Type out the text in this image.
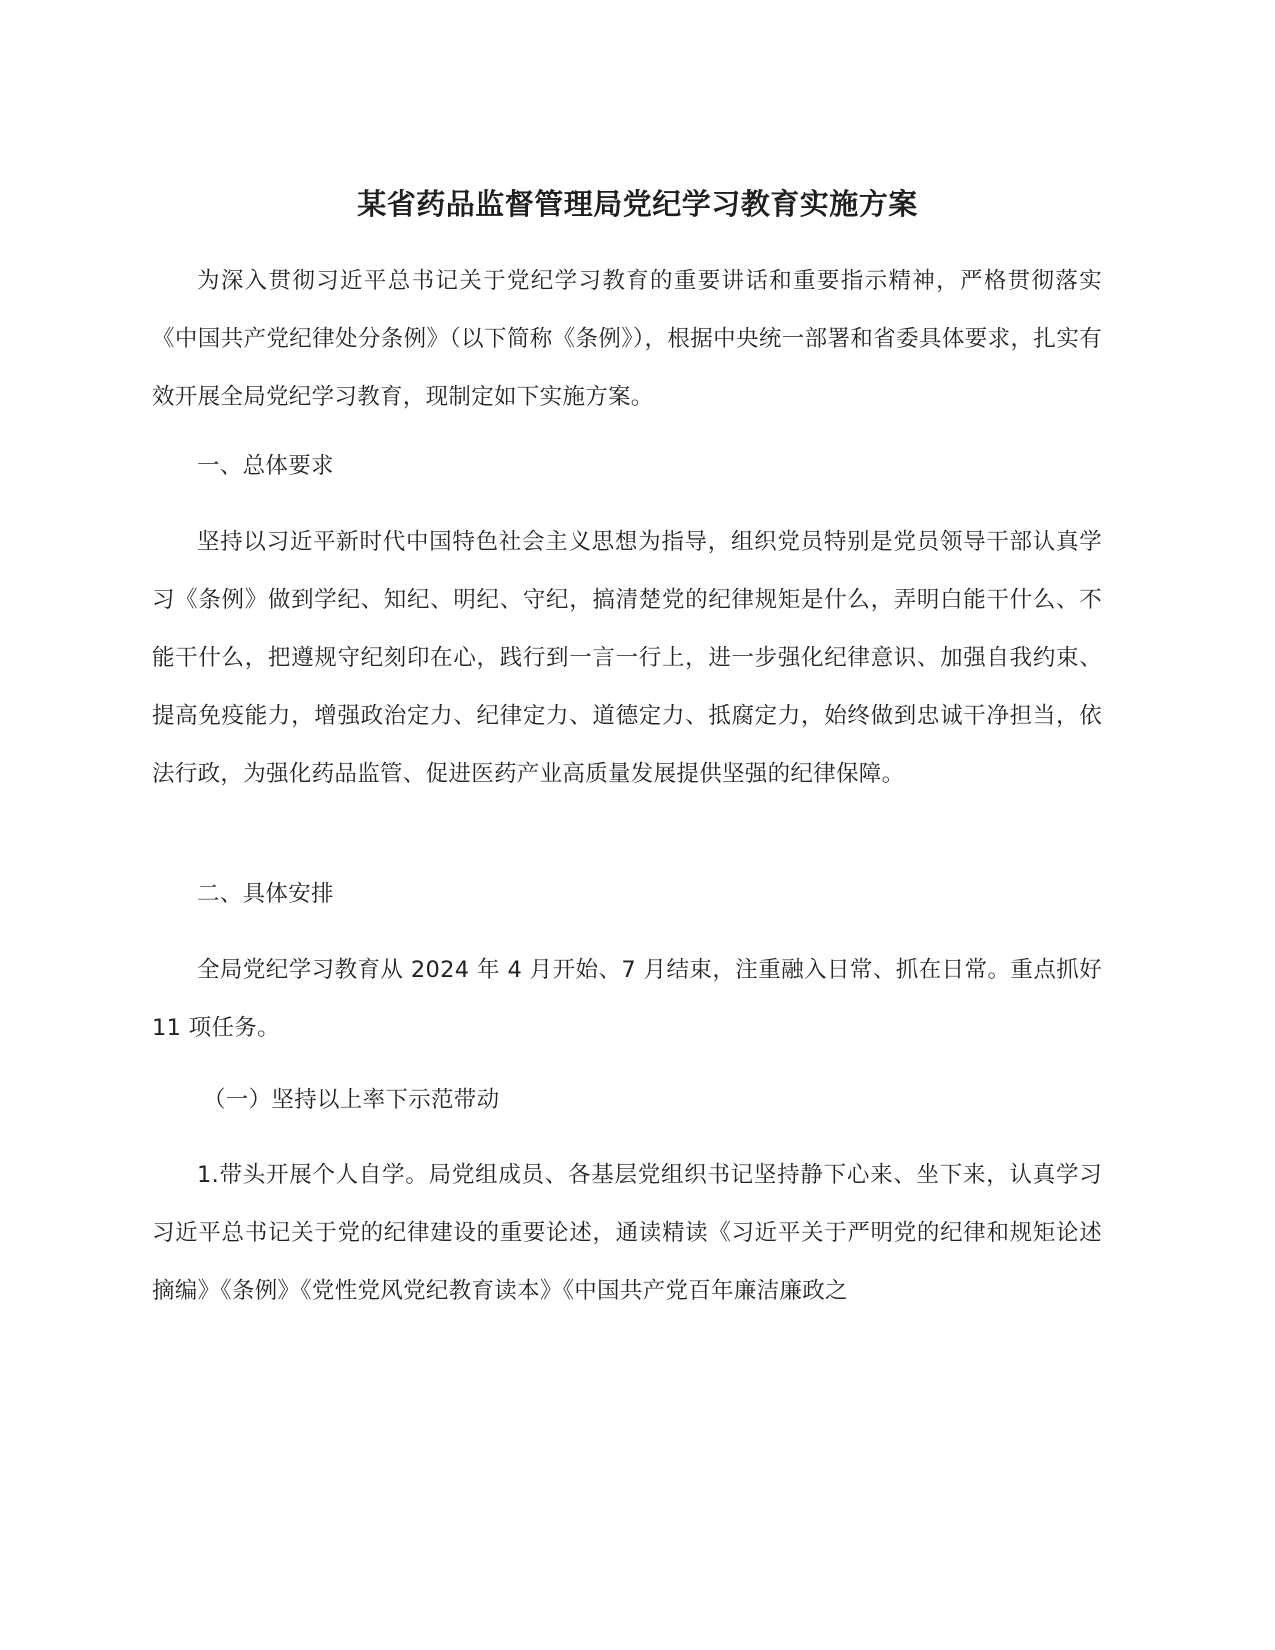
某省药品监督管理局党纪学习教育实施方案

为深入贯彻习近平总书记关于党纪学习教育的重要讲话和重要指示精神，严格贯彻落实《中国共产党纪律处分条例》（以下简称《条例》），根据中央统一部署和省委具体要求，扎实有效开展全局党纪学习教育，现制定如下实施方案。

一、总体要求

坚持以习近平新时代中国特色社会主义思想为指导，组织党员特别是党员领导干部认真学习《条例》做到学纪、知纪、明纪、守纪，搞清楚党的纪律规矩是什么，弄明白能干什么、不能干什么，把遵规守纪刻印在心，践行到一言一行上，进一步强化纪律意识、加强自我约束、提高免疫能力，增强政治定力、纪律定力、道德定力、抵腐定力，始终做到忠诚干净担当，依法行政，为强化药品监管、促进医药产业高质量发展提供坚强的纪律保障。

二、具体安排

全局党纪学习教育从 2024 年 4 月开始、7 月结束，注重融入日常、抓在日常。重点抓好 11 项任务。

（一）坚持以上率下示范带动

1.带头开展个人自学。局党组成员、各基层党组织书记坚持静下心来、坐下来，认真学习习近平总书记关于党的纪律建设的重要论述，通读精读《习近平关于严明党的纪律和规矩论述摘编》《条例》《党性党风党纪教育读本》《中国共产党百年廉洁廉政之
